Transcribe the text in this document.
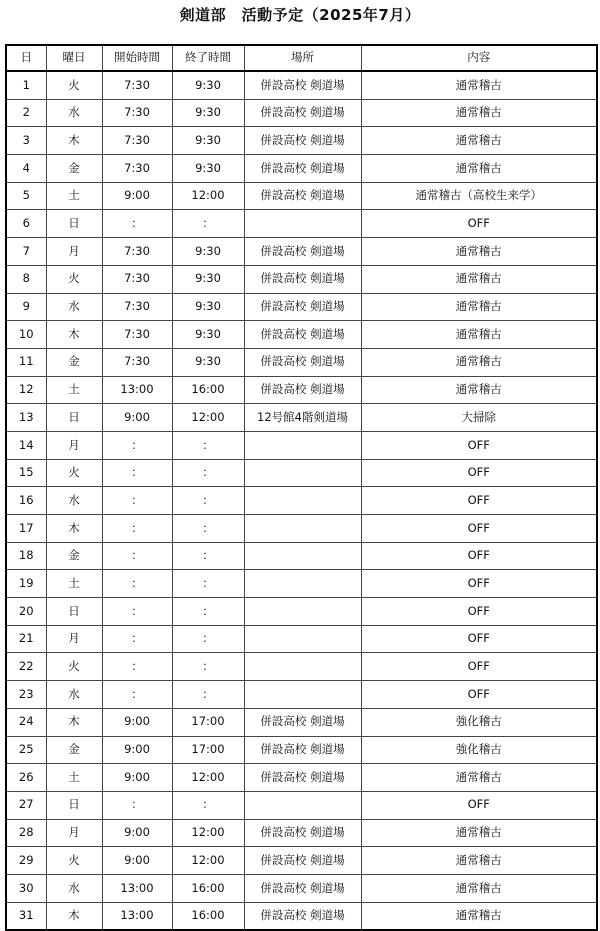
剣道部　活動予定（2025年7月）
日	曜日	開始時間	終了時間	場所	内容
1	火	7:30	9:30	併設高校 剣道場	通常稽古
2	水	7:30	9:30	併設高校 剣道場	通常稽古
3	木	7:30	9:30	併設高校 剣道場	通常稽古
4	金	7:30	9:30	併設高校 剣道場	通常稽古
5	土	9:00	12:00	併設高校 剣道場	通常稽古（高校生来学）
6	日	：	：		OFF
7	月	7:30	9:30	併設高校 剣道場	通常稽古
8	火	7:30	9:30	併設高校 剣道場	通常稽古
9	水	7:30	9:30	併設高校 剣道場	通常稽古
10	木	7:30	9:30	併設高校 剣道場	通常稽古
11	金	7:30	9:30	併設高校 剣道場	通常稽古
12	土	13:00	16:00	併設高校 剣道場	通常稽古
13	日	9:00	12:00	12号館4階剣道場	大掃除
14	月	：	：		OFF
15	火	：	：		OFF
16	水	：	：		OFF
17	木	：	：		OFF
18	金	：	：		OFF
19	土	：	：		OFF
20	日	：	：		OFF
21	月	：	：		OFF
22	火	：	：		OFF
23	水	：	：		OFF
24	木	9:00	17:00	併設高校 剣道場	強化稽古
25	金	9:00	17:00	併設高校 剣道場	強化稽古
26	土	9:00	12:00	併設高校 剣道場	通常稽古
27	日	：	：		OFF
28	月	9:00	12:00	併設高校 剣道場	通常稽古
29	火	9:00	12:00	併設高校 剣道場	通常稽古
30	水	13:00	16:00	併設高校 剣道場	通常稽古
31	木	13:00	16:00	併設高校 剣道場	通常稽古
